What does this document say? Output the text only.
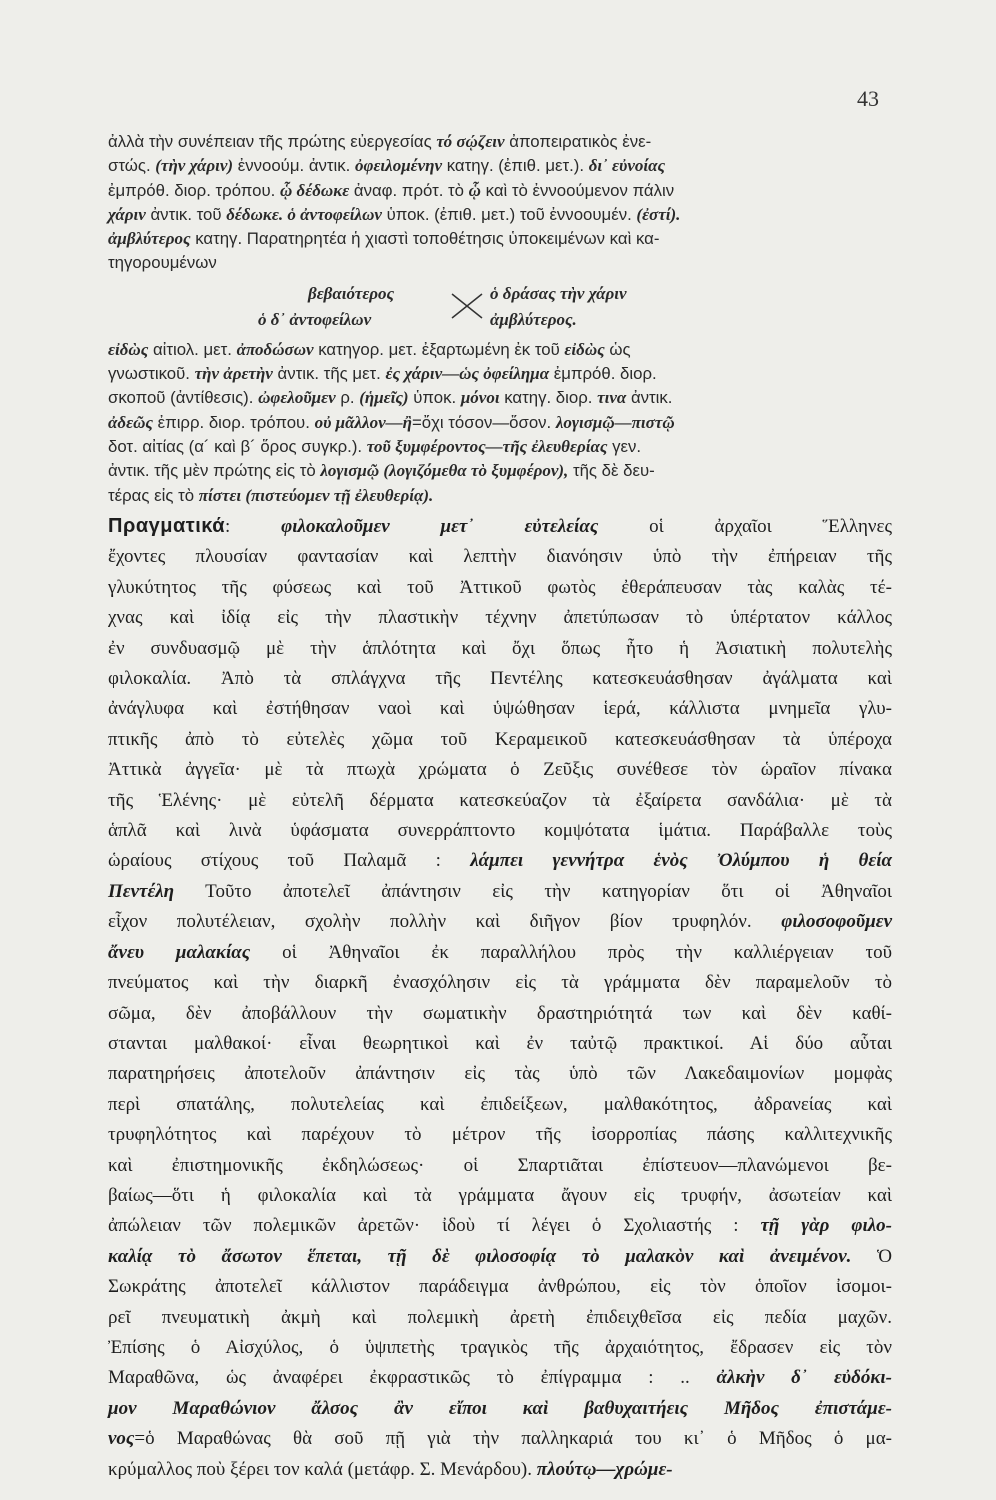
43
ἀλλὰ τὴν συνέπειαν τῆς πρώτης εὐεργεσίας τό σῴζειν ἀποπειρατικὸς ἐνε-
στώς. (τὴν χάριν) ἐννοούμ. ἀντικ. ὀφειλομένην κατηγ. (ἐπιθ. μετ.). δι᾿ εὐνοίας
ἐμπρόθ. διορ. τρόπου. ᾧ δέδωκε ἀναφ. πρότ. τὸ ᾧ καὶ τὸ ἐννοούμενον πάλιν
χάριν ἀντικ. τοῦ δέδωκε. ὁ ἀντοφείλων ὑποκ. (ἐπιθ. μετ.) τοῦ ἐννοουμέν. (ἐστί).
ἀμβλύτερος κατηγ. Παρατηρητέα ἡ χιαστὶ τοποθέτησις ὑποκειμένων καὶ κα-
τηγορουμένων
βεβαιότερος	ὁ δράσας τὴν χάριν
ὁ δ᾿ ἀντοφείλων	ἀμβλύτερος.
εἰδὼς αἰτιολ. μετ. ἀποδώσων κατηγορ. μετ. ἐξαρτωμένη ἐκ τοῦ εἰδὼς ὡς
γνωστικοῦ. τὴν ἀρετὴν ἀντικ. τῆς μετ. ἐς χάριν—ὡς ὀφείλημα ἐμπρόθ. διορ.
σκοποῦ (ἀντίθεσις). ὠφελοῦμεν ρ. (ἡμεῖς) ὑποκ. μόνοι κατηγ. διορ. τινα ἀντικ.
ἀδεῶς ἐπιρρ. διορ. τρόπου. οὐ μᾶλλον—ἢ=ὄχι τόσον—ὅσον. λογισμῷ—πιστῷ
δοτ. αἰτίας (α´ καὶ β´ ὅρος συγκρ.). τοῦ ξυμφέροντος—τῆς ἐλευθερίας γεν.
ἀντικ. τῆς μὲν πρώτης εἰς τὸ λογισμῷ (λογιζόμεθα τὸ ξυμφέρον), τῆς δὲ δευ-
τέρας εἰς τὸ πίστει (πιστεύομεν τῇ ἐλευθερίᾳ).
Πραγματικά: φιλοκαλοῦμεν μετ᾿ εὐτελείας οἱ ἀρχαῖοι Ἕλληνες
ἔχοντες πλουσίαν φαντασίαν καὶ λεπτὴν διανόησιν ὑπὸ τὴν ἐπήρειαν τῆς
γλυκύτητος τῆς φύσεως καὶ τοῦ Ἀττικοῦ φωτὸς ἐθεράπευσαν τὰς καλὰς τέ-
χνας καὶ ἰδίᾳ εἰς τὴν πλαστικὴν τέχνην ἀπετύπωσαν τὸ ὑπέρτατον κάλλος
ἐν συνδυασμῷ μὲ τὴν ἁπλότητα καὶ ὄχι ὅπως ἦτο ἡ Ἀσιατικὴ πολυτελὴς
φιλοκαλία. Ἀπὸ τὰ σπλάγχνα τῆς Πεντέλης κατεσκευάσθησαν ἀγάλματα καὶ
ἀνάγλυφα καὶ ἐστήθησαν ναοὶ καὶ ὑψώθησαν ἱερά, κάλλιστα μνημεῖα γλυ-
πτικῆς ἀπὸ τὸ εὐτελὲς χῶμα τοῦ Κεραμεικοῦ κατεσκευάσθησαν τὰ ὑπέροχα
Ἀττικὰ ἀγγεῖα· μὲ τὰ πτωχὰ χρώματα ὁ Ζεῦξις συνέθεσε τὸν ὡραῖον πίνακα
τῆς Ἑλένης· μὲ εὐτελῆ δέρματα κατεσκεύαζον τὰ ἐξαίρετα σανδάλια· μὲ τὰ
ἁπλᾶ καὶ λινὰ ὑφάσματα συνερράπτοντο κομψότατα ἱμάτια. Παράβαλλε τοὺς
ὡραίους στίχους τοῦ Παλαμᾶ : λάμπει γεννήτρα ἑνὸς Ὀλύμπου ἡ θεία
Πεντέλη Τοῦτο ἀποτελεῖ ἀπάντησιν εἰς τὴν κατηγορίαν ὅτι οἱ Ἀθηναῖοι
εἶχον πολυτέλειαν, σχολὴν πολλὴν καὶ διῆγον βίον τρυφηλόν. φιλοσοφοῦμεν
ἄνευ μαλακίας οἱ Ἀθηναῖοι ἐκ παραλλήλου πρὸς τὴν καλλιέργειαν τοῦ
πνεύματος καὶ τὴν διαρκῆ ἐνασχόλησιν εἰς τὰ γράμματα δὲν παραμελοῦν τὸ
σῶμα, δὲν ἀποβάλλουν τὴν σωματικὴν δραστηριότητά των καὶ δὲν καθί-
στανται μαλθακοί· εἶναι θεωρητικοὶ καὶ ἐν ταὐτῷ πρακτικοί. Αἱ δύο αὗται
παρατηρήσεις ἀποτελοῦν ἀπάντησιν εἰς τὰς ὑπὸ τῶν Λακεδαιμονίων μομφὰς
περὶ σπατάλης, πολυτελείας καὶ ἐπιδείξεων, μαλθακότητος, ἀδρανείας καὶ
τρυφηλότητος καὶ παρέχουν τὸ μέτρον τῆς ἰσορροπίας πάσης καλλιτεχνικῆς
καὶ ἐπιστημονικῆς ἐκδηλώσεως· οἱ Σπαρτιᾶται ἐπίστευον—πλανώμενοι βε-
βαίως—ὅτι ἡ φιλοκαλία καὶ τὰ γράμματα ἄγουν εἰς τρυφήν, ἀσωτείαν καὶ
ἀπώλειαν τῶν πολεμικῶν ἀρετῶν· ἰδοὺ τί λέγει ὁ Σχολιαστής : τῇ γὰρ φιλο-
καλίᾳ τὸ ἄσωτον ἕπεται, τῇ δὲ φιλοσοφίᾳ τὸ μαλακὸν καὶ ἀνειμένον. Ὁ
Σωκράτης ἀποτελεῖ κάλλιστον παράδειγμα ἀνθρώπου, εἰς τὸν ὁποῖον ἰσομοι-
ρεῖ πνευματικὴ ἀκμὴ καὶ πολεμικὴ ἀρετὴ ἐπιδειχθεῖσα εἰς πεδία μαχῶν.
Ἐπίσης ὁ Αἰσχύλος, ὁ ὑψιπετὴς τραγικὸς τῆς ἀρχαιότητος, ἔδρασεν εἰς τὸν
Μαραθῶνα, ὡς ἀναφέρει ἐκφραστικῶς τὸ ἐπίγραμμα : .. ἀλκὴν δ᾿ εὐδόκι-
μον Μαραθώνιον ἄλσος ἂν εἴποι καὶ βαθυχαιτήεις Μῆδος ἐπιστάμε-
νος=ὁ Μαραθώνας θὰ σοῦ πῇ γιὰ τὴν παλληκαριά του κι᾿ ὁ Μῆδος ὁ μα-
κρύμαλλος ποὺ ξέρει τον καλά (μετάφρ. Σ. Μενάρδου). πλούτῳ—χρώμε-
